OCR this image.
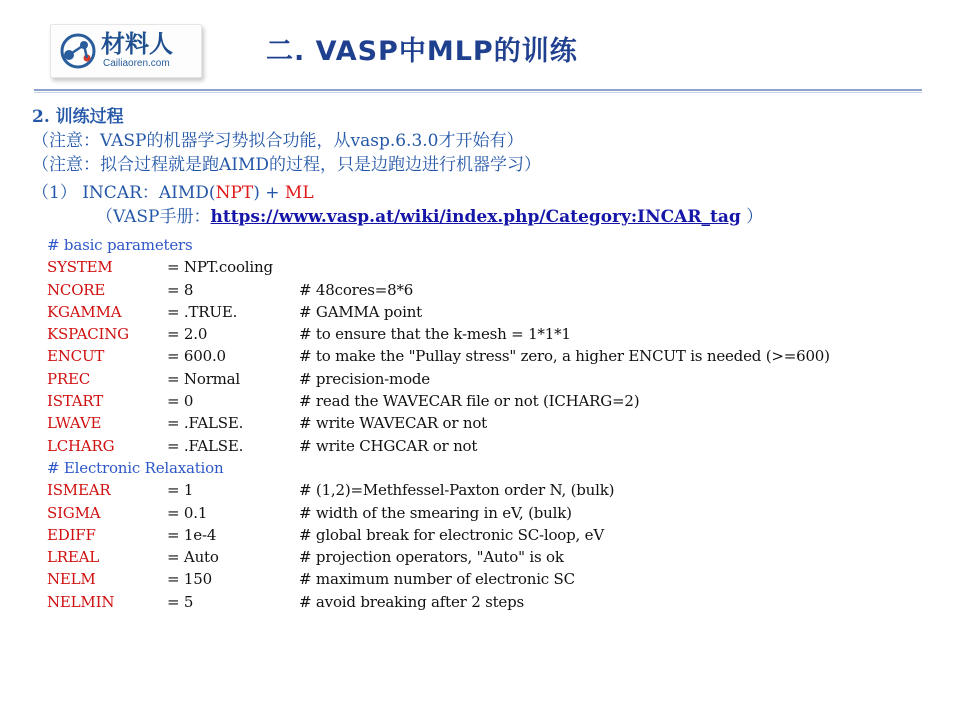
材料人
Cailiaoren.com	二. VASP中MLP的训练
2. 训练过程
（注意：VASP的机器学习势拟合功能，从vasp.6.3.0才开始有）
（注意：拟合过程就是跑AIMD的过程，只是边跑边进行机器学习）
（1） INCAR：AIMD(NPT) + ML
（VASP手册：https://www.vasp.at/wiki/index.php/Category:INCAR_tag ）
# basic parameters
SYSTEM	= NPT.cooling
NCORE	= 8	# 48cores=8*6
KGAMMA	= .TRUE.	# GAMMA point
KSPACING	= 2.0	# to ensure that the k-mesh = 1*1*1
ENCUT	= 600.0	# to make the "Pullay stress" zero, a higher ENCUT is needed (>=600)
PREC	= Normal	# precision-mode
ISTART	= 0	# read the WAVECAR file or not (ICHARG=2)
LWAVE	= .FALSE.	# write WAVECAR or not
LCHARG	= .FALSE.	# write CHGCAR or not
# Electronic Relaxation
ISMEAR	= 1	# (1,2)=Methfessel-Paxton order N, (bulk)
SIGMA	= 0.1	# width of the smearing in eV, (bulk)
EDIFF	= 1e-4	# global break for electronic SC-loop, eV
LREAL	= Auto	# projection operators, "Auto" is ok
NELM	= 150	# maximum number of electronic SC
NELMIN	= 5	# avoid breaking after 2 steps
